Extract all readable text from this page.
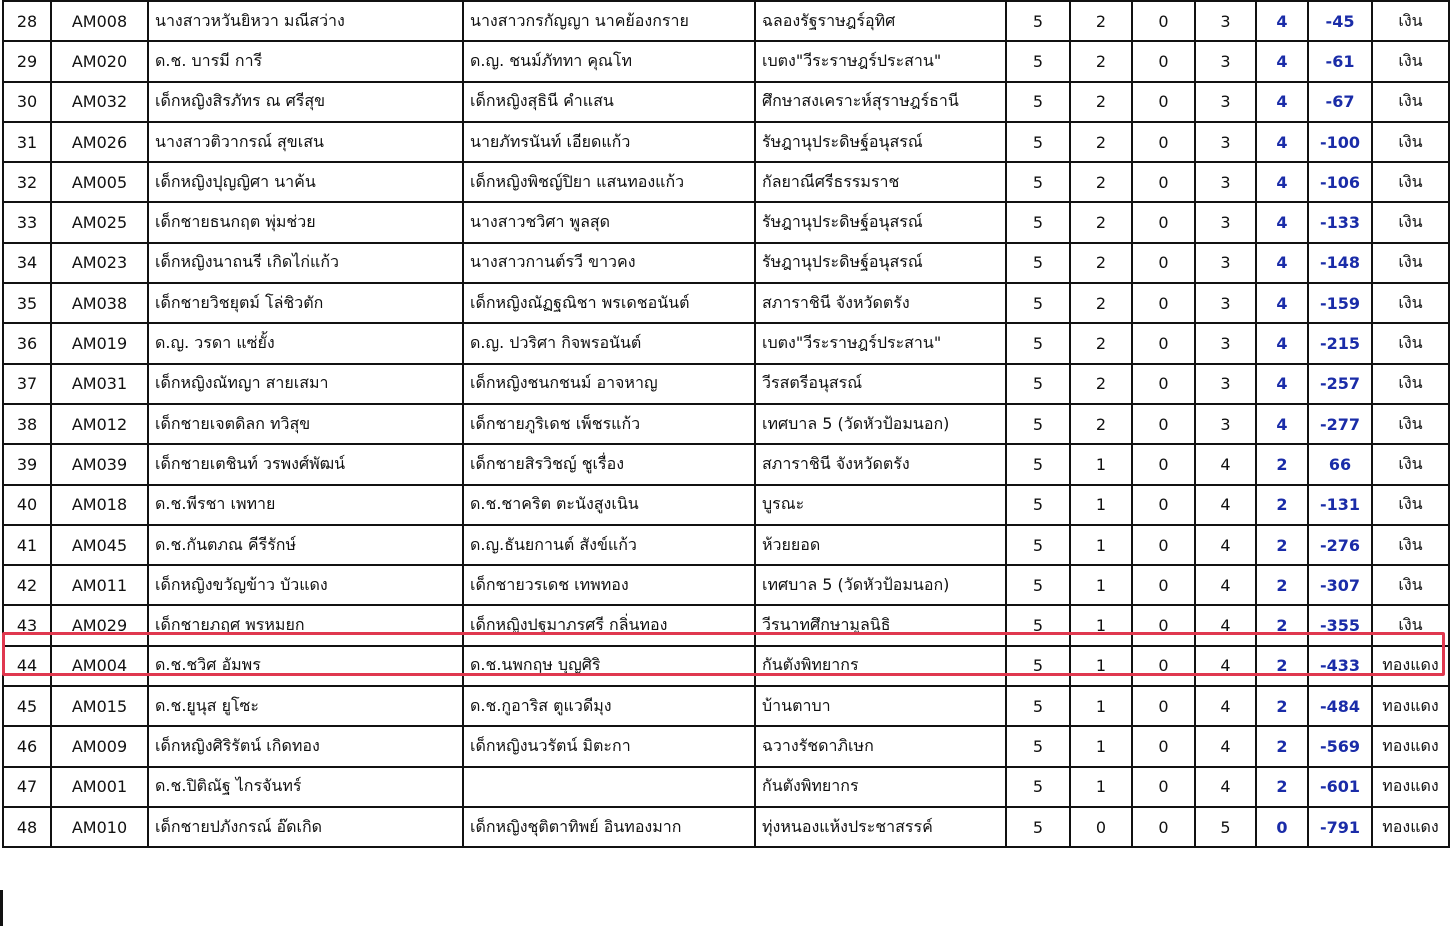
28	AM008	นางสาวหวันยิหวา มณีสว่าง	นางสาวกรกัญญา นาคย้องกราย	ฉลองรัฐราษฎร์อุทิศ	5	2	0	3	4	-45	เงิน
29	AM020	ด.ช. บารมี การี	ด.ญ. ชนม์ภัททา คุณโท	เบตง"วีระราษฎร์ประสาน"	5	2	0	3	4	-61	เงิน
30	AM032	เด็กหญิงสิรภัทร ณ ศรีสุข	เด็กหญิงสุธินี คำแสน	ศึกษาสงเคราะห์สุราษฎร์ธานี	5	2	0	3	4	-67	เงิน
31	AM026	นางสาวติวากรณ์ สุขเสน	นายภัทรนันท์ เอียดแก้ว	รัษฎานุประดิษฐ์อนุสรณ์	5	2	0	3	4	-100	เงิน
32	AM005	เด็กหญิงปุญญิศา นาค้น	เด็กหญิงพิชญ์ปิยา แสนทองแก้ว	กัลยาณีศรีธรรมราช	5	2	0	3	4	-106	เงิน
33	AM025	เด็กชายธนกฤต พุ่มช่วย	นางสาวชวิศา พูลสุด	รัษฎานุประดิษฐ์อนุสรณ์	5	2	0	3	4	-133	เงิน
34	AM023	เด็กหญิงนาถนรี เกิดไก่แก้ว	นางสาวกานต์รวี ขาวคง	รัษฎานุประดิษฐ์อนุสรณ์	5	2	0	3	4	-148	เงิน
35	AM038	เด็กชายวิชยุตม์ โล่ชิวตัก	เด็กหญิงณัฏฐณิชา พรเดชอนันต์	สภาราชินี จังหวัดตรัง	5	2	0	3	4	-159	เงิน
36	AM019	ด.ญ. วรดา แซ่ยั้ง	ด.ญ. ปวริศา กิจพรอนันต์	เบตง"วีระราษฎร์ประสาน"	5	2	0	3	4	-215	เงิน
37	AM031	เด็กหญิงณัทญา สายเสมา	เด็กหญิงชนกชนม์ อาจหาญ	วีรสตรีอนุสรณ์	5	2	0	3	4	-257	เงิน
38	AM012	เด็กชายเจตดิลก ทวิสุข	เด็กชายภูริเดช เพ็ชรแก้ว	เทศบาล 5 (วัดหัวป้อมนอก)	5	2	0	3	4	-277	เงิน
39	AM039	เด็กชายเตชินท์ วรพงศ์พัฒน์	เด็กชายสิรวิชญ์ ชูเรื่อง	สภาราชินี จังหวัดตรัง	5	1	0	4	2	66	เงิน
40	AM018	ด.ช.พีรชา เพทาย	ด.ช.ชาคริต ตะนังสูงเนิน	บูรณะ	5	1	0	4	2	-131	เงิน
41	AM045	ด.ช.กันตภณ คีรีรักษ์	ด.ญ.ธันยกานต์ สังข์แก้ว	ห้วยยอด	5	1	0	4	2	-276	เงิน
42	AM011	เด็กหญิงขวัญข้าว บัวแดง	เด็กชายวรเดช เทพทอง	เทศบาล 5 (วัดหัวป้อมนอก)	5	1	0	4	2	-307	เงิน
43	AM029	เด็กชายภฤศ พรหมยก	เด็กหญิงปฐมาภรศรี กลิ่นทอง	วีรนาทศึกษามูลนิธิ	5	1	0	4	2	-355	เงิน
44	AM004	ด.ช.ชวิศ อัมพร	ด.ช.นพกฤษ บุญศิริ	กันตังพิทยากร	5	1	0	4	2	-433	ทองแดง
45	AM015	ด.ช.ยูนุส ยูโซะ	ด.ช.กูอาริส ตูแวดีมุง	บ้านตาบา	5	1	0	4	2	-484	ทองแดง
46	AM009	เด็กหญิงศิริรัตน์ เกิดทอง	เด็กหญิงนวรัตน์ มิตะกา	ฉวางรัชดาภิเษก	5	1	0	4	2	-569	ทองแดง
47	AM001	ด.ช.ปิติณัฐ ไกรจันทร์		กันตังพิทยากร	5	1	0	4	2	-601	ทองแดง
48	AM010	เด็กชายปภังกรณ์ อ๊ดเกิด	เด็กหญิงชุติตาทิพย์ อินทองมาก	ทุ่งหนองแห้งประชาสรรค์	5	0	0	5	0	-791	ทองแดง
